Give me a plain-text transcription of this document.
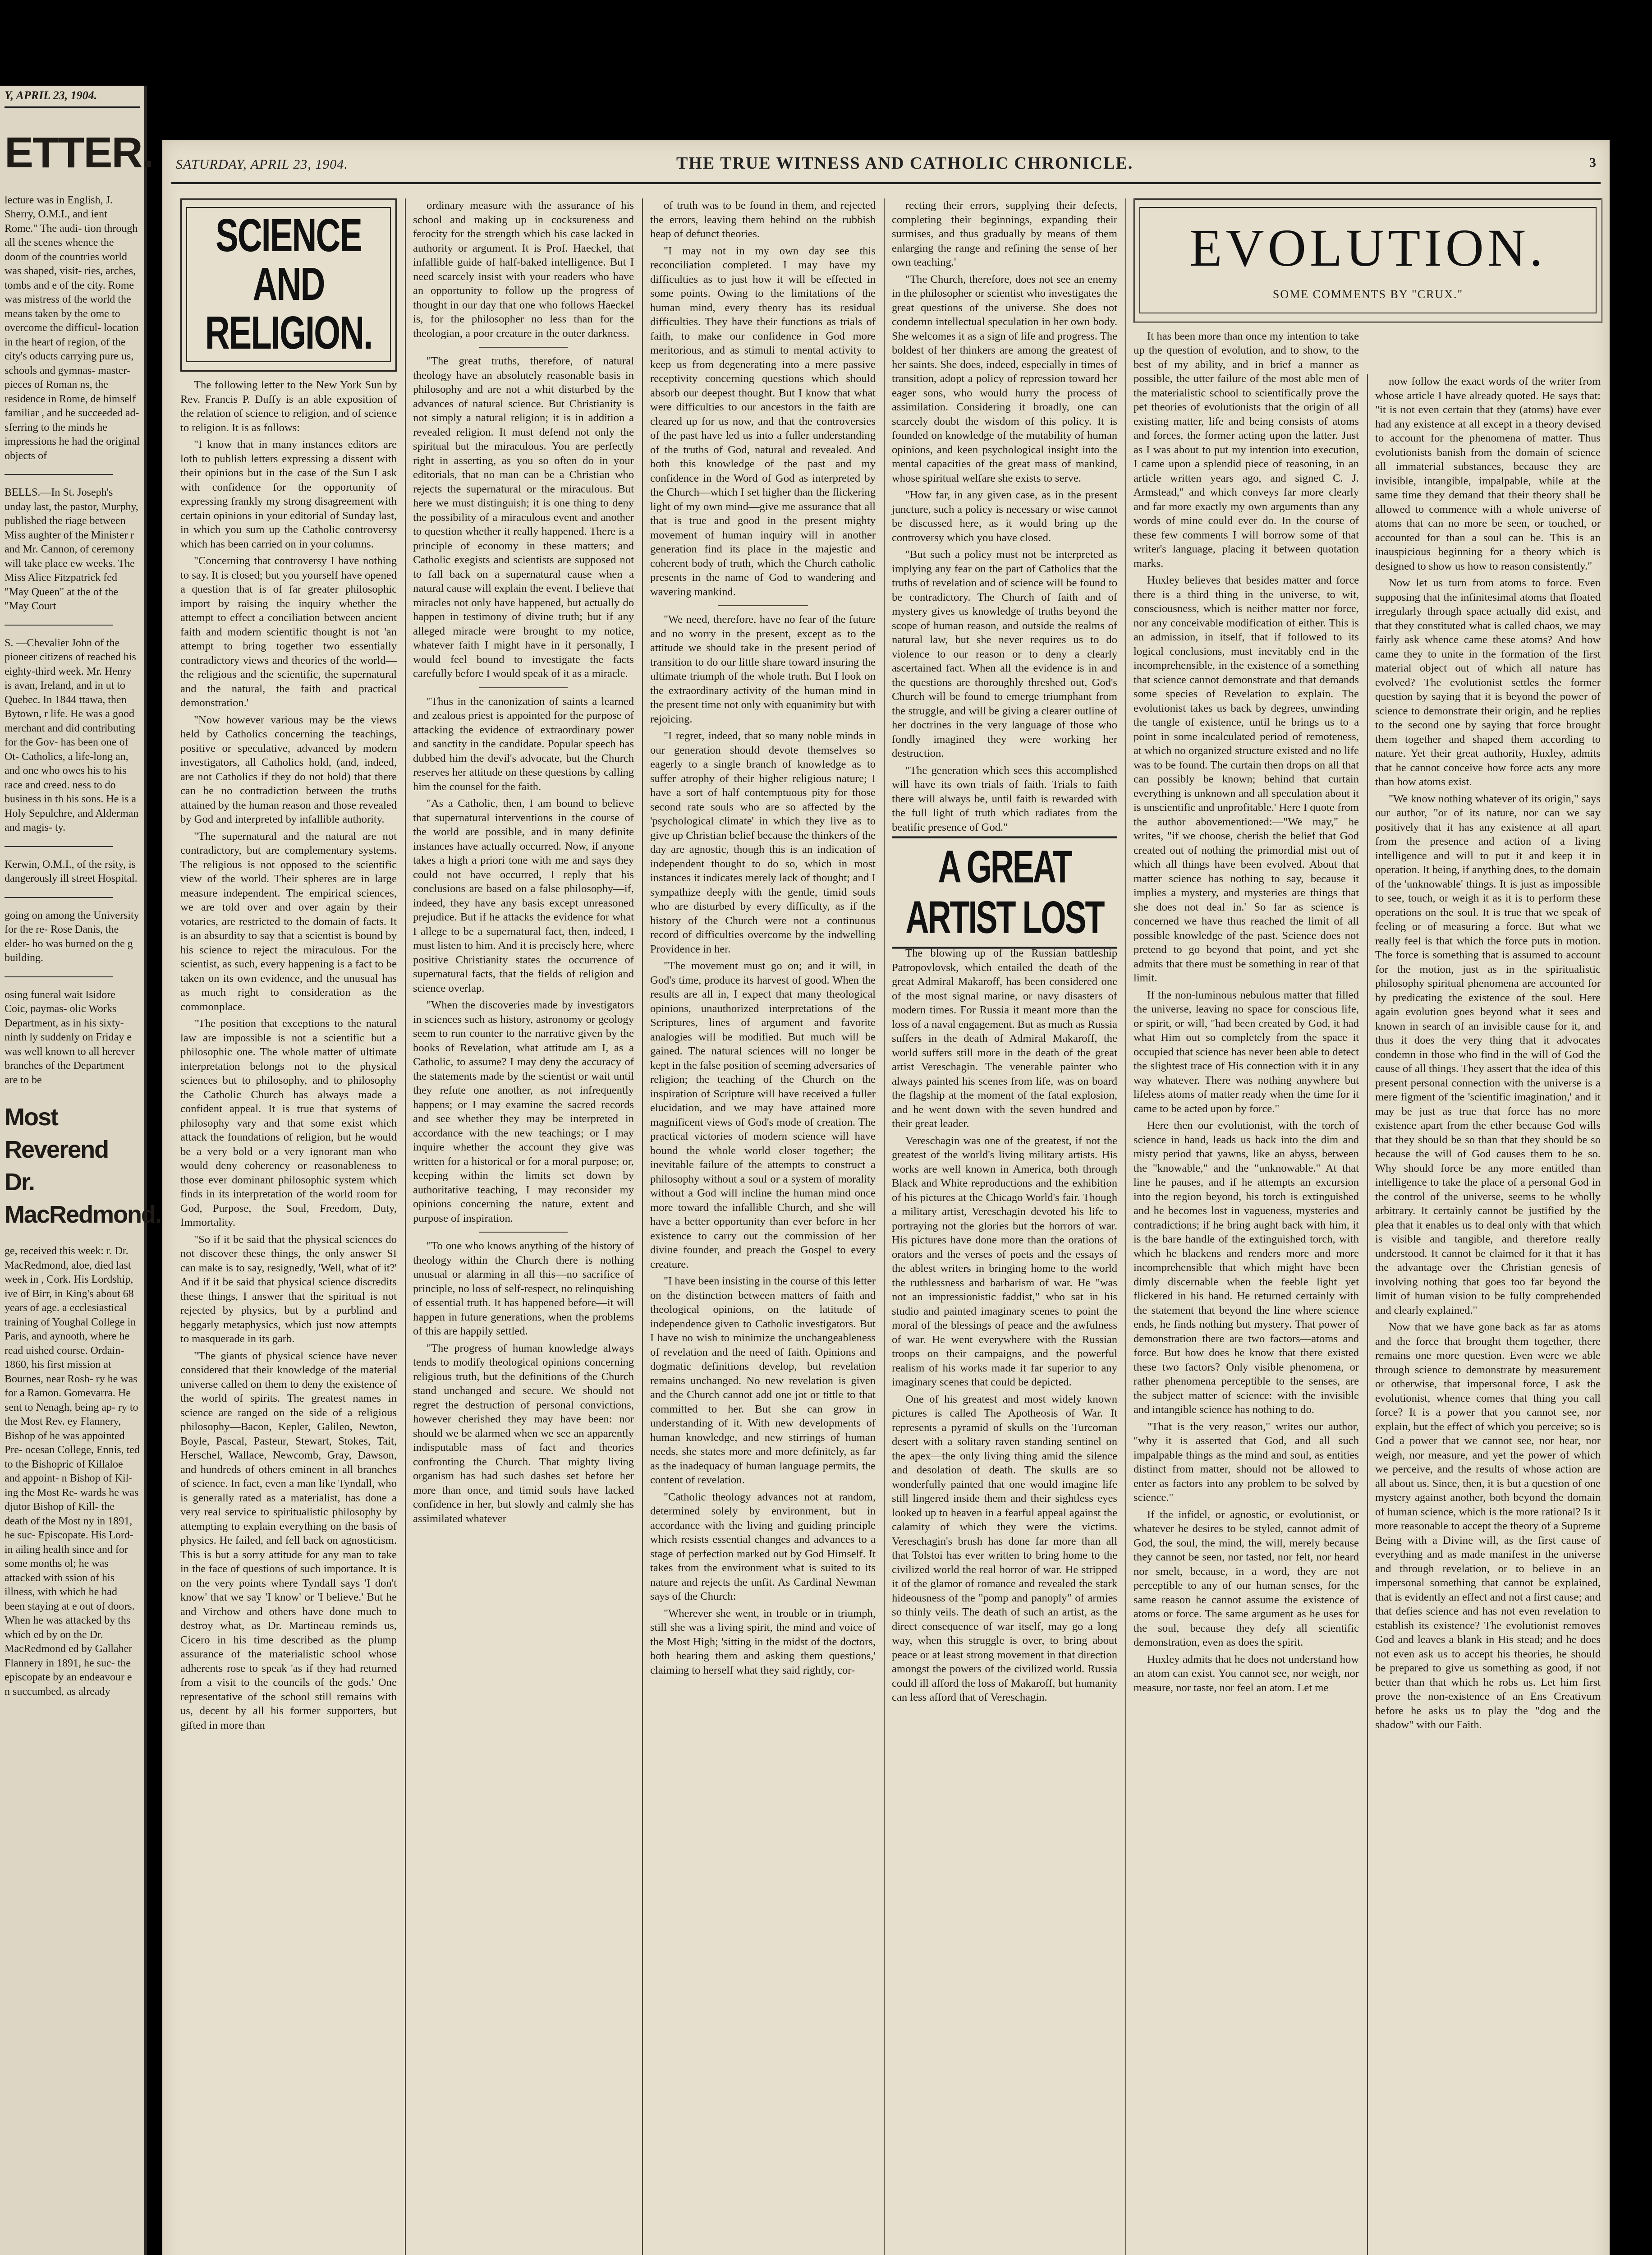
Y, APRIL 23, 1904.
ETTER.
lecture was in English, J. Sherry, O.M.I., and ient Rome." The audi- tion through all the scenes whence the doom of the countries world was shaped, visit- ries, arches, tombs and e of the city. Rome was mistress of the world the means taken by the ome to overcome the difficul- location in the heart of region, of the city's oducts carrying pure us, schools and gymnas- master-pieces of Roman ns, the residence in Rome, de himself familiar , and he succeeded ad- sferring to the minds he impressions he had the original objects of
BELLS.—In St. Joseph's unday last, the pastor, Murphy, published the riage between Miss aughter of the Minister r and Mr. Cannon, of ceremony will take place ew weeks. The Miss Alice Fitzpatrick fed "May Queen" at the of the "May Court
S. —Chevalier John of the pioneer citizens of reached his eighty-third week. Mr. Henry is avan, Ireland, and in ut to Quebec. In 1844 ttawa, then Bytown, r life. He was a good merchant and did contributing for the Gov- has been one of Ot- Catholics, a life-long an, and one who owes his to his race and creed. ness to do business in th his sons. He is a Holy Sepulchre, and Alderman and magis- ty.
Kerwin, O.M.I., of the rsity, is dangerously ill street Hospital.
going on among the University for the re- Rose Danis, the elder- ho was burned on the g building.
osing funeral wait Isidore Coic, paymas- olic Works Department, as in his sixty-ninth ly suddenly on Friday e was well known to all herever branches of the Department are to be
Most Reverend
Dr. MacRedmond.
ge, received this week: r. Dr. MacRedmond, aloe, died last week in , Cork. His Lordship, ive of Birr, in King's about 68 years of age. a ecclesiastical training of Youghal College in Paris, and aynooth, where he read uished course. Ordain- 1860, his first mission at Bournes, near Rosh- ry he was for a Ramon. Gomevarra. He sent to Nenagh, being ap- ry to the Most Rev. ey Flannery, Bishop of he was appointed Pre- ocesan College, Ennis, ted to the Bishopric of Killaloe and appoint- n Bishop of Kil- ing the Most Re- wards he was djutor Bishop of Kill- the death of the Most ny in 1891, he suc- Episcopate. His Lord- in ailing health since and for some months ol; he was attacked with ssion of his illness, with which he had been staying at e out of doors. When he was attacked by ths which ed by on the Dr. MacRedmond ed by Gallaher Flannery in 1891, he suc- the episcopate by an endeavour e n succumbed, as already
SATURDAY, APRIL 23, 1904.	THE TRUE WITNESS AND CATHOLIC CHRONICLE.	3
SCIENCE AND RELIGION.

The following letter to the New York Sun by Rev. Francis P. Duffy is an able exposition of the relation of science to religion, and of science to religion. It is as follows:

"I know that in many instances editors are loth to publish letters expressing a dissent with their opinions but in the case of the Sun I ask with confidence for the opportunity of expressing frankly my strong disagreement with certain opinions in your editorial of Sunday last, in which you sum up the Catholic controversy which has been carried on in your columns.

"Concerning that controversy I have nothing to say. It is closed; but you yourself have opened a question that is of far greater philosophic import by raising the inquiry whether the attempt to effect a conciliation between ancient faith and modern scientific thought is not 'an attempt to bring together two essentially contradictory views and theories of the world—the religious and the scientific, the supernatural and the natural, the faith and practical demonstration.'

"Now however various may be the views held by Catholics concerning the teachings, positive or speculative, advanced by modern investigators, all Catholics hold, (and, indeed, are not Catholics if they do not hold) that there can be no contradiction between the truths attained by the human reason and those revealed by God and interpreted by infallible authority.

"The supernatural and the natural are not contradictory, but are complementary systems. The religious is not opposed to the scientific view of the world. Their spheres are in large measure independent. The empirical sciences, we are told over and over again by their votaries, are restricted to the domain of facts. It is an absurdity to say that a scientist is bound by his science to reject the miraculous. For the scientist, as such, every happening is a fact to be taken on its own evidence, and the unusual has as much right to consideration as the commonplace.

"The position that exceptions to the natural law are impossible is not a scientific but a philosophic one. The whole matter of ultimate interpretation belongs not to the physical sciences but to philosophy, and to philosophy the Catholic Church has always made a confident appeal. It is true that systems of philosophy vary and that some exist which attack the foundations of religion, but he would be a very bold or a very ignorant man who would deny coherency or reasonableness to those ever dominant philosophic system which finds in its interpretation of the world room for God, Purpose, the Soul, Freedom, Duty, Immortality.

"So if it be said that the physical sciences do not discover these things, the only answer SI can make is to say, resignedly, 'Well, what of it?' And if it be said that physical science discredits these things, I answer that the spiritual is not rejected by physics, but by a purblind and beggarly metaphysics, which just now attempts to masquerade in its garb.

"The giants of physical science have never considered that their knowledge of the material universe called on them to deny the existence of the world of spirits. The greatest names in science are ranged on the side of a religious philosophy—Bacon, Kepler, Galileo, Newton, Boyle, Pascal, Pasteur, Stewart, Stokes, Tait, Herschel, Wallace, Newcomb, Gray, Dawson, and hundreds of others eminent in all branches of science. In fact, even a man like Tyndall, who is generally rated as a materialist, has done a very real service to spiritualistic philosophy by attempting to explain everything on the basis of physics. He failed, and fell back on agnosticism. This is but a sorry attitude for any man to take in the face of questions of such importance. It is on the very points where Tyndall says 'I don't know' that we say 'I know' or 'I believe.' But he and Virchow and others have done much to destroy what, as Dr. Martineau reminds us, Cicero in his time described as the plump assurance of the materialistic school whose adherents rose to speak 'as if they had returned from a visit to the councils of the gods.' One representative of the school still remains with us, decent by all his former supporters, but gifted in more than

ordinary measure with the assurance of his school and making up in cocksureness and ferocity for the strength which his case lacked in authority or argument. It is Prof. Haeckel, that infallible guide of half-baked intelligence. But I need scarcely insist with your readers who have an opportunity to follow up the progress of thought in our day that one who follows Haeckel is, for the philosopher no less than for the theologian, a poor creature in the outer darkness.

"The great truths, therefore, of natural theology have an absolutely reasonable basis in philosophy and are not a whit disturbed by the advances of natural science. But Christianity is not simply a natural religion; it is in addition a revealed religion. It must defend not only the spiritual but the miraculous. You are perfectly right in asserting, as you so often do in your editorials, that no man can be a Christian who rejects the supernatural or the miraculous. But here we must distinguish; it is one thing to deny the possibility of a miraculous event and another to question whether it really happened. There is a principle of economy in these matters; and Catholic exegists and scientists are supposed not to fall back on a supernatural cause when a natural cause will explain the event. I believe that miracles not only have happened, but actually do happen in testimony of divine truth; but if any alleged miracle were brought to my notice, whatever faith I might have in it personally, I would feel bound to investigate the facts carefully before I would speak of it as a miracle.

"Thus in the canonization of saints a learned and zealous priest is appointed for the purpose of attacking the evidence of extraordinary power and sanctity in the candidate. Popular speech has dubbed him the devil's advocate, but the Church reserves her attitude on these questions by calling him the counsel for the faith.

"As a Catholic, then, I am bound to believe that supernatural interventions in the course of the world are possible, and in many definite instances have actually occurred. Now, if anyone takes a high a priori tone with me and says they could not have occurred, I reply that his conclusions are based on a false philosophy—if, indeed, they have any basis except unreasoned prejudice. But if he attacks the evidence for what I allege to be a supernatural fact, then, indeed, I must listen to him. And it is precisely here, where positive Christianity states the occurrence of supernatural facts, that the fields of religion and science overlap.

"When the discoveries made by investigators in sciences such as history, astronomy or geology seem to run counter to the narrative given by the books of Revelation, what attitude am I, as a Catholic, to assume? I may deny the accuracy of the statements made by the scientist or wait until they refute one another, as not infrequently happens; or I may examine the sacred records and see whether they may be interpreted in accordance with the new teachings; or I may inquire whether the account they give was written for a historical or for a moral purpose; or, keeping within the limits set down by authoritative teaching, I may reconsider my opinions concerning the nature, extent and purpose of inspiration.

"To one who knows anything of the history of theology within the Church there is nothing unusual or alarming in all this—no sacrifice of principle, no loss of self-respect, no relinquishing of essential truth. It has happened before—it will happen in future generations, when the problems of this are happily settled.

"The progress of human knowledge always tends to modify theological opinions concerning religious truth, but the definitions of the Church stand unchanged and secure. We should not regret the destruction of personal convictions, however cherished they may have been: nor should we be alarmed when we see an apparently indisputable mass of fact and theories confronting the Church. That mighty living organism has had such dashes set before her more than once, and timid souls have lacked confidence in her, but slowly and calmly she has assimilated whatever

of truth was to be found in them, and rejected the errors, leaving them behind on the rubbish heap of defunct theories.

"I may not in my own day see this reconciliation completed. I may have my difficulties as to just how it will be effected in some points. Owing to the limitations of the human mind, every theory has its residual difficulties. They have their functions as trials of faith, to make our confidence in God more meritorious, and as stimuli to mental activity to keep us from degenerating into a mere passive receptivity concerning questions which should absorb our deepest thought. But I know that what were difficulties to our ancestors in the faith are cleared up for us now, and that the controversies of the past have led us into a fuller understanding of the truths of God, natural and revealed. And both this knowledge of the past and my confidence in the Word of God as interpreted by the Church—which I set higher than the flickering light of my own mind—give me assurance that all that is true and good in the present mighty movement of human inquiry will in another generation find its place in the majestic and coherent body of truth, which the Church catholic presents in the name of God to wandering and wavering mankind.

"We need, therefore, have no fear of the future and no worry in the present, except as to the attitude we should take in the present period of transition to do our little share toward insuring the ultimate triumph of the whole truth. But I look on the extraordinary activity of the human mind in the present time not only with equanimity but with rejoicing.

"I regret, indeed, that so many noble minds in our generation should devote themselves so eagerly to a single branch of knowledge as to suffer atrophy of their higher religious nature; I have a sort of half contemptuous pity for those second rate souls who are so affected by the 'psychological climate' in which they live as to give up Christian belief because the thinkers of the day are agnostic, though this is an indication of independent thought to do so, which in most instances it indicates merely lack of thought; and I sympathize deeply with the gentle, timid souls who are disturbed by every difficulty, as if the history of the Church were not a continuous record of difficulties overcome by the indwelling Providence in her.

"The movement must go on; and it will, in God's time, produce its harvest of good. When the results are all in, I expect that many theological opinions, unauthorized interpretations of the Scriptures, lines of argument and favorite analogies will be modified. But much will be gained. The natural sciences will no longer be kept in the false position of seeming adversaries of religion; the teaching of the Church on the inspiration of Scripture will have received a fuller elucidation, and we may have attained more magnificent views of God's mode of creation. The practical victories of modern science will have bound the whole world closer together; the inevitable failure of the attempts to construct a philosophy without a soul or a system of morality without a God will incline the human mind once more toward the infallible Church, and she will have a better opportunity than ever before in her existence to carry out the commission of her divine founder, and preach the Gospel to every creature.

"I have been insisting in the course of this letter on the distinction between matters of faith and theological opinions, on the latitude of independence given to Catholic investigators. But I have no wish to minimize the unchangeableness of revelation and the need of faith. Opinions and dogmatic definitions develop, but revelation remains unchanged. No new revelation is given and the Church cannot add one jot or tittle to that committed to her. But she can grow in understanding of it. With new developments of human knowledge, and new stirrings of human needs, she states more and more definitely, as far as the inadequacy of human language permits, the content of revelation.

"Catholic theology advances not at random, determined solely by environment, but in accordance with the living and guiding principle which resists essential changes and advances to a stage of perfection marked out by God Himself. It takes from the environment what is suited to its nature and rejects the unfit. As Cardinal Newman says of the Church:

"Wherever she went, in trouble or in triumph, still she was a living spirit, the mind and voice of the Most High; 'sitting in the midst of the doctors, both hearing them and asking them questions,' claiming to herself what they said rightly, cor-

recting their errors, supplying their defects, completing their beginnings, expanding their surmises, and thus gradually by means of them enlarging the range and refining the sense of her own teaching.'

"The Church, therefore, does not see an enemy in the philosopher or scientist who investigates the great questions of the universe. She does not condemn intellectual speculation in her own body. She welcomes it as a sign of life and progress. The boldest of her thinkers are among the greatest of her saints. She does, indeed, especially in times of transition, adopt a policy of repression toward her eager sons, who would hurry the process of assimilation. Considering it broadly, one can scarcely doubt the wisdom of this policy. It is founded on knowledge of the mutability of human opinions, and keen psychological insight into the mental capacities of the great mass of mankind, whose spiritual welfare she exists to serve.

"How far, in any given case, as in the present juncture, such a policy is necessary or wise cannot be discussed here, as it would bring up the controversy which you have closed.

"But such a policy must not be interpreted as implying any fear on the part of Catholics that the truths of revelation and of science will be found to be contradictory. The Church of faith and of mystery gives us knowledge of truths beyond the scope of human reason, and outside the realms of natural law, but she never requires us to do violence to our reason or to deny a clearly ascertained fact. When all the evidence is in and the questions are thoroughly threshed out, God's Church will be found to emerge triumphant from the struggle, and will be giving a clearer outline of her doctrines in the very language of those who fondly imagined they were working her destruction.

"The generation which sees this accomplished will have its own trials of faith. Trials to faith there will always be, until faith is rewarded with the full light of truth which radiates from the beatific presence of God."

A GREAT ARTIST LOST

The blowing up of the Russian battleship Patropovlovsk, which entailed the death of the great Admiral Makaroff, has been considered one of the most signal marine, or navy disasters of modern times. For Russia it meant more than the loss of a naval engagement. But as much as Russia suffers in the death of Admiral Makaroff, the world suffers still more in the death of the great artist Vereschagin. The venerable painter who always painted his scenes from life, was on board the flagship at the moment of the fatal explosion, and he went down with the seven hundred and their great leader.

Vereschagin was one of the greatest, if not the greatest of the world's living military artists. His works are well known in America, both through Black and White reproductions and the exhibition of his pictures at the Chicago World's fair. Though a military artist, Vereschagin devoted his life to portraying not the glories but the horrors of war. His pictures have done more than the orations of orators and the verses of poets and the essays of the ablest writers in bringing home to the world the ruthlessness and barbarism of war. He "was not an impressionistic faddist," who sat in his studio and painted imaginary scenes to point the moral of the blessings of peace and the awfulness of war. He went everywhere with the Russian troops on their campaigns, and the powerful realism of his works made it far superior to any imaginary scenes that could be depicted.

One of his greatest and most widely known pictures is called The Apotheosis of War. It represents a pyramid of skulls on the Turcoman desert with a solitary raven standing sentinel on the apex—the only living thing amid the silence and desolation of death. The skulls are so wonderfully painted that one would imagine life still lingered inside them and their sightless eyes looked up to heaven in a fearful appeal against the calamity of which they were the victims. Vereschagin's brush has done far more than all that Tolstoi has ever written to bring home to the civilized world the real horror of war. He stripped it of the glamor of romance and revealed the stark hideousness of the "pomp and panoply" of armies so thinly veils. The death of such an artist, as the direct consequence of war itself, may go a long way, when this struggle is over, to bring about peace or at least strong movement in that direction amongst the powers of the civilized world. Russia could ill afford the loss of Makaroff, but humanity can less afford that of Vereschagin.

EVOLUTION.
SOME COMMENTS BY "CRUX."

It has been more than once my intention to take up the question of evolution, and to show, to the best of my ability, and in brief a manner as possible, the utter failure of the most able men of the materialistic school to scientifically prove the pet theories of evolutionists that the origin of all existing matter, life and being consists of atoms and forces, the former acting upon the latter. Just as I was about to put my intention into execution, I came upon a splendid piece of reasoning, in an article written years ago, and signed C. J. Armstead," and which conveys far more clearly and far more exactly my own arguments than any words of mine could ever do. In the course of these few comments I will borrow some of that writer's language, placing it between quotation marks.

Huxley believes that besides matter and force there is a third thing in the universe, to wit, consciousness, which is neither matter nor force, nor any conceivable modification of either. This is an admission, in itself, that if followed to its logical conclusions, must inevitably end in the incomprehensible, in the existence of a something that science cannot demonstrate and that demands some species of Revelation to explain. The evolutionist takes us back by degrees, unwinding the tangle of existence, until he brings us to a point in some incalculated period of remoteness, at which no organized structure existed and no life was to be found. The curtain then drops on all that can possibly be known; behind that curtain everything is unknown and all speculation about it is unscientific and unprofitable.' Here I quote from the author abovementioned:—"We may," he writes, "if we choose, cherish the belief that God created out of nothing the primordial mist out of which all things have been evolved. About that matter science has nothing to say, because it implies a mystery, and mysteries are things that she does not deal in.' So far as science is concerned we have thus reached the limit of all possible knowledge of the past. Science does not pretend to go beyond that point, and yet she admits that there must be something in rear of that limit.

If the non-luminous nebulous matter that filled the universe, leaving no space for conscious life, or spirit, or will, "had been created by God, it had what Him out so completely from the space it occupied that science has never been able to detect the slightest trace of His connection with it in any way whatever. There was nothing anywhere but lifeless atoms of matter ready when the time for it came to be acted upon by force."

Here then our evolutionist, with the torch of science in hand, leads us back into the dim and misty period that yawns, like an abyss, between the "knowable," and the "unknowable." At that line he pauses, and if he attempts an excursion into the region beyond, his torch is extinguished and he becomes lost in vagueness, mysteries and contradictions; if he bring aught back with him, it is the bare handle of the extinguished torch, with which he blackens and renders more and more incomprehensible that which might have been dimly discernable when the feeble light yet flickered in his hand. He returned certainly with the statement that beyond the line where science ends, he finds nothing but mystery. That power of demonstration there are two factors—atoms and force. But how does he know that there existed these two factors? Only visible phenomena, or rather phenomena perceptible to the senses, are the subject matter of science: with the invisible and intangible science has nothing to do.

"That is the very reason," writes our author, "why it is asserted that God, and all such impalpable things as the mind and soul, as entities distinct from matter, should not be allowed to enter as factors into any problem to be solved by science."

If the infidel, or agnostic, or evolutionist, or whatever he desires to be styled, cannot admit of God, the soul, the mind, the will, merely because they cannot be seen, nor tasted, nor felt, nor heard nor smelt, because, in a word, they are not perceptible to any of our human senses, for the same reason he cannot assume the existence of atoms or force. The same argument as he uses for the soul, because they defy all scientific demonstration, even as does the spirit.

Huxley admits that he does not understand how an atom can exist. You cannot see, nor weigh, nor measure, nor taste, nor feel an atom. Let me

now follow the exact words of the writer from whose article I have already quoted. He says that: "it is not even certain that they (atoms) have ever had any existence at all except in a theory devised to account for the phenomena of matter. Thus evolutionists banish from the domain of science all immaterial substances, because they are invisible, intangible, impalpable, while at the same time they demand that their theory shall be allowed to commence with a whole universe of atoms that can no more be seen, or touched, or accounted for than a soul can be. This is an inauspicious beginning for a theory which is designed to show us how to reason consistently."

Now let us turn from atoms to force. Even supposing that the infinitesimal atoms that floated irregularly through space actually did exist, and that they constituted what is called chaos, we may fairly ask whence came these atoms? And how came they to unite in the formation of the first material object out of which all nature has evolved? The evolutionist settles the former question by saying that it is beyond the power of science to demonstrate their origin, and he replies to the second one by saying that force brought them together and shaped them according to nature. Yet their great authority, Huxley, admits that he cannot conceive how force acts any more than how atoms exist.

"We know nothing whatever of its origin," says our author, "or of its nature, nor can we say positively that it has any existence at all apart from the presence and action of a living intelligence and will to put it and keep it in operation. It being, if anything does, to the domain of the 'unknowable' things. It is just as impossible to see, touch, or weigh it as it is to perform these operations on the soul. It is true that we speak of feeling or of measuring a force. But what we really feel is that which the force puts in motion. The force is something that is assumed to account for the motion, just as in the spiritualistic philosophy spiritual phenomena are accounted for by predicating the existence of the soul. Here again evolution goes beyond what it sees and known in search of an invisible cause for it, and thus it does the very thing that it advocates condemn in those who find in the will of God the cause of all things. They assert that the idea of this present personal connection with the universe is a mere figment of the 'scientific imagination,' and it may be just as true that force has no more existence apart from the ether because God wills that they should be so than that they should be so because the will of God causes them to be so. Why should force be any more entitled than intelligence to take the place of a personal God in the control of the universe, seems to be wholly arbitrary. It certainly cannot be justified by the plea that it enables us to deal only with that which is visible and tangible, and therefore really understood. It cannot be claimed for it that it has the advantage over the Christian genesis of involving nothing that goes too far beyond the limit of human vision to be fully comprehended and clearly explained."

Now that we have gone back as far as atoms and the force that brought them together, there remains one more question. Even were we able through science to demonstrate by measurement or otherwise, that impersonal force, I ask the evolutionist, whence comes that thing you call force? It is a power that you cannot see, nor explain, but the effect of which you perceive; so is God a power that we cannot see, nor hear, nor weigh, nor measure, and yet the power of which we perceive, and the results of whose action are all about us. Since, then, it is but a question of one mystery against another, both beyond the domain of human science, which is the more rational? Is it more reasonable to accept the theory of a Supreme Being with a Divine will, as the first cause of everything and as made manifest in the universe and through revelation, or to believe in an impersonal something that cannot be explained, that is evidently an effect and not a first cause; and that defies science and has not even revelation to establish its existence? The evolutionist removes God and leaves a blank in His stead; and he does not even ask us to accept his theories, he should be prepared to give us something as good, if not better than that which he robs us. Let him first prove the non-existence of an Ens Creativum before he asks us to play the "dog and the shadow" with our Faith.
